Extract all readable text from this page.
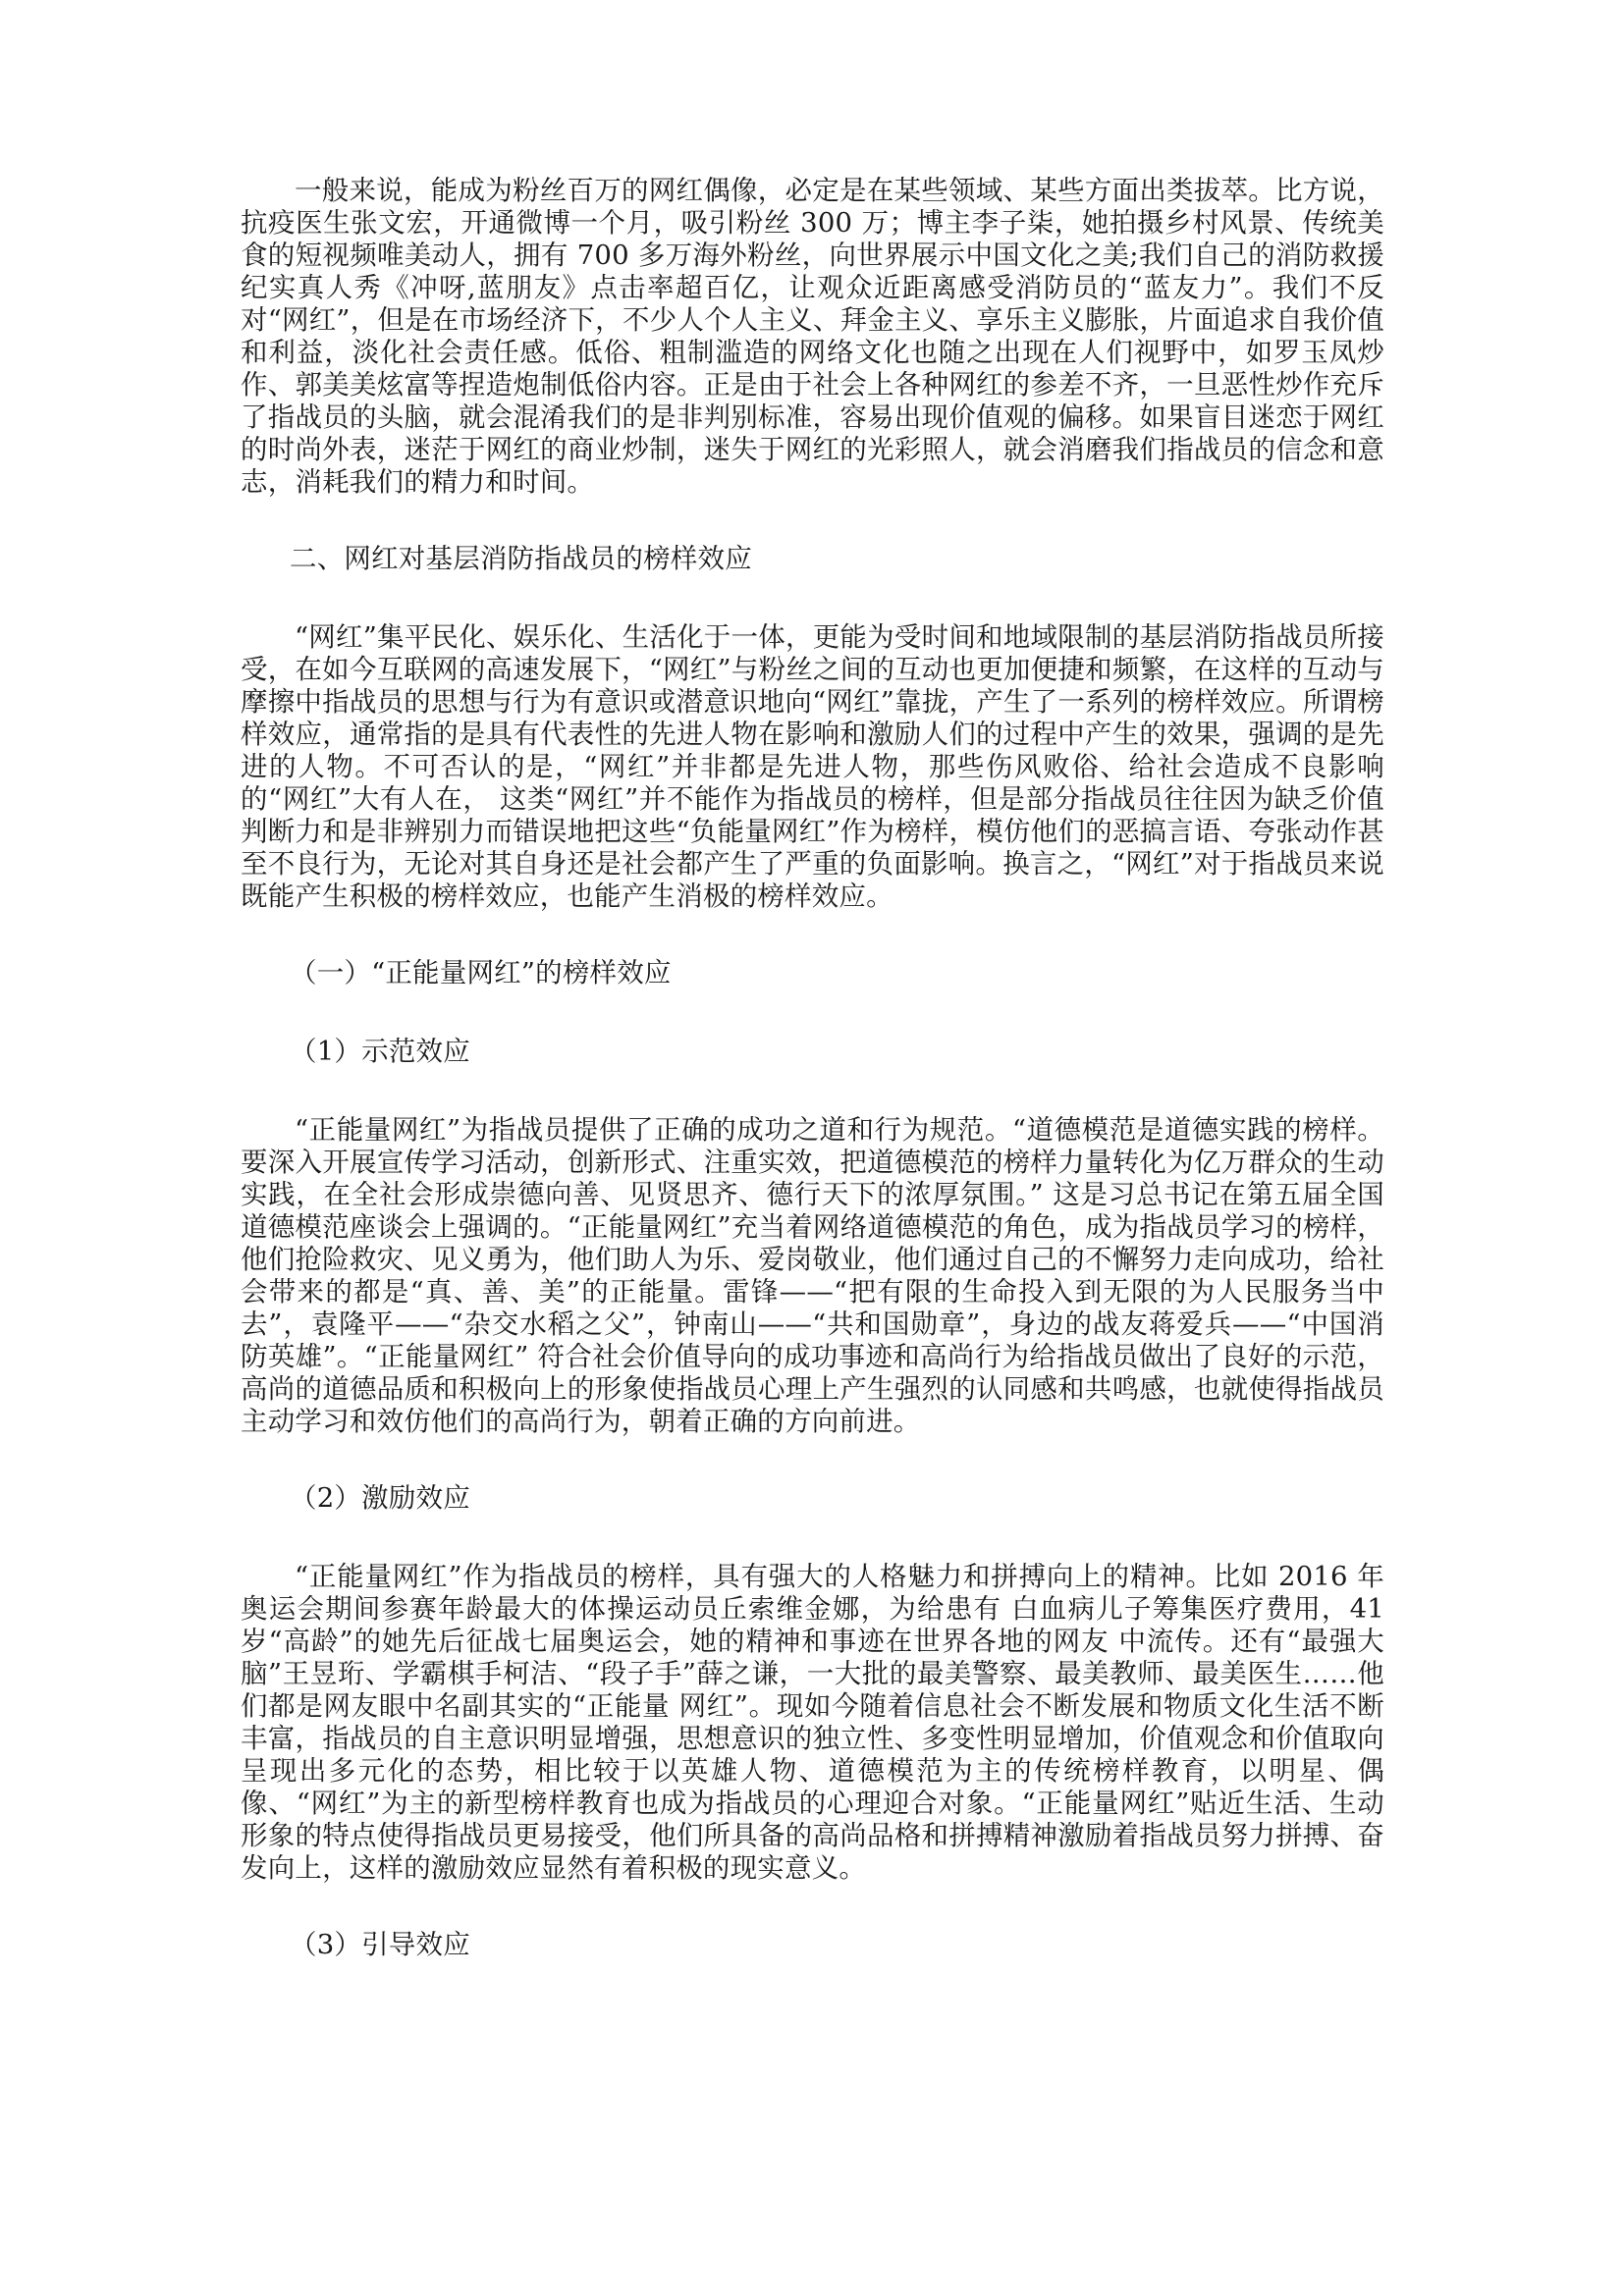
一般来说，能成为粉丝百万的网红偶像，必定是在某些领域、某些方面出类拔萃。比方说，抗疫医生张文宏，开通微博一个月，吸引粉丝 300 万；博主李子柒，她拍摄乡村风景、传统美食的短视频唯美动人，拥有 700 多万海外粉丝，向世界展示中国文化之美;我们自己的消防救援纪实真人秀《冲呀,蓝朋友》点击率超百亿，让观众近距离感受消防员的“蓝友力”。我们不反对“网红”，但是在市场经济下，不少人个人主义、拜金主义、享乐主义膨胀，片面追求自我价值和利益，淡化社会责任感。低俗、粗制滥造的网络文化也随之出现在人们视野中，如罗玉凤炒作、郭美美炫富等捏造炮制低俗内容。正是由于社会上各种网红的参差不齐，一旦恶性炒作充斥了指战员的头脑，就会混淆我们的是非判别标准，容易出现价值观的偏移。如果盲目迷恋于网红的时尚外表，迷茫于网红的商业炒制，迷失于网红的光彩照人，就会消磨我们指战员的信念和意志，消耗我们的精力和时间。

二、网红对基层消防指战员的榜样效应

“网红”集平民化、娱乐化、生活化于一体，更能为受时间和地域限制的基层消防指战员所接受，在如今互联网的高速发展下，“网红”与粉丝之间的互动也更加便捷和频繁，在这样的互动与摩擦中指战员的思想与行为有意识或潜意识地向“网红”靠拢，产生了一系列的榜样效应。所谓榜样效应，通常指的是具有代表性的先进人物在影响和激励人们的过程中产生的效果，强调的是先进的人物。不可否认的是，“网红”并非都是先进人物，那些伤风败俗、给社会造成不良影响的“网红”大有人在， 这类“网红”并不能作为指战员的榜样，但是部分指战员往往因为缺乏价值判断力和是非辨别力而错误地把这些“负能量网红”作为榜样，模仿他们的恶搞言语、夸张动作甚至不良行为，无论对其自身还是社会都产生了严重的负面影响。换言之，“网红”对于指战员来说既能产生积极的榜样效应，也能产生消极的榜样效应。

（一）“正能量网红”的榜样效应

（1）示范效应

“正能量网红”为指战员提供了正确的成功之道和行为规范。“道德模范是道德实践的榜样。要深入开展宣传学习活动，创新形式、注重实效，把道德模范的榜样力量转化为亿万群众的生动实践，在全社会形成崇德向善、见贤思齐、德行天下的浓厚氛围。” 这是习总书记在第五届全国道德模范座谈会上强调的。“正能量网红”充当着网络道德模范的角色，成为指战员学习的榜样，他们抢险救灾、见义勇为，他们助人为乐、爱岗敬业，他们通过自己的不懈努力走向成功，给社会带来的都是“真、善、美”的正能量。雷锋——“把有限的生命投入到无限的为人民服务当中去”，袁隆平——“杂交水稻之父”，钟南山——“共和国勋章”，身边的战友蒋爱兵——“中国消防英雄”。“正能量网红” 符合社会价值导向的成功事迹和高尚行为给指战员做出了良好的示范，高尚的道德品质和积极向上的形象使指战员心理上产生强烈的认同感和共鸣感，也就使得指战员主动学习和效仿他们的高尚行为，朝着正确的方向前进。

（2）激励效应

“正能量网红”作为指战员的榜样，具有强大的人格魅力和拼搏向上的精神。比如 2016 年奥运会期间参赛年龄最大的体操运动员丘索维金娜，为给患有 白血病儿子筹集医疗费用，41 岁“高龄”的她先后征战七届奥运会，她的精神和事迹在世界各地的网友 中流传。还有“最强大脑”王昱珩、学霸棋手柯洁、“段子手”薛之谦，一大批的最美警察、最美教师、最美医生……他们都是网友眼中名副其实的“正能量 网红”。现如今随着信息社会不断发展和物质文化生活不断丰富，指战员的自主意识明显增强，思想意识的独立性、多变性明显增加，价值观念和价值取向呈现出多元化的态势，相比较于以英雄人物、道德模范为主的传统榜样教育，以明星、偶像、“网红”为主的新型榜样教育也成为指战员的心理迎合对象。“正能量网红”贴近生活、生动形象的特点使得指战员更易接受，他们所具备的高尚品格和拼搏精神激励着指战员努力拼搏、奋发向上，这样的激励效应显然有着积极的现实意义。

（3）引导效应
